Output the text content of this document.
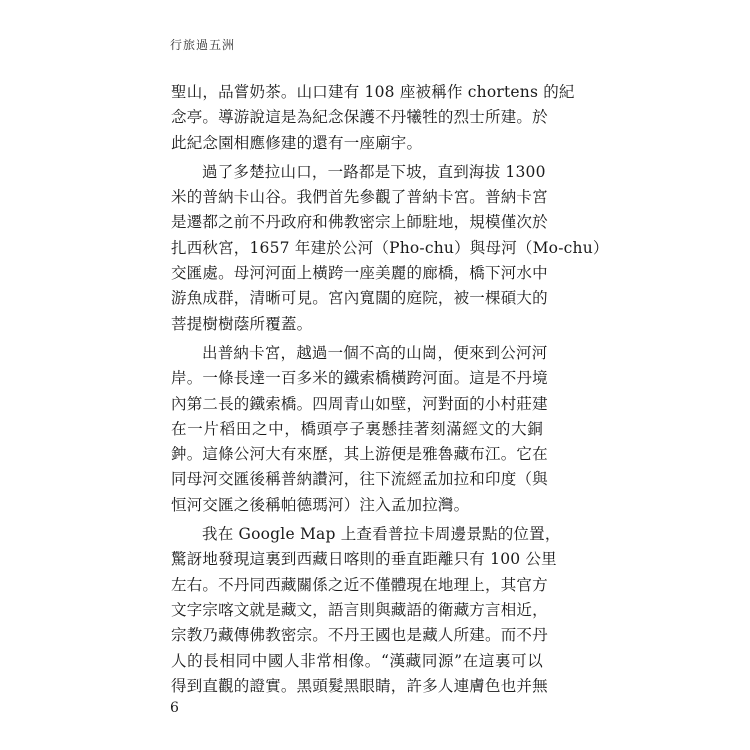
行旅過五洲
聖山，品嘗奶茶。山口建有 108 座被稱作 chortens 的紀
念亭。導游說這是為紀念保護不丹犧牲的烈士所建。於
此紀念園相應修建的還有一座廟宇。
過了多楚拉山口，一路都是下坡，直到海拔 1300
米的普納卡山谷。我們首先參觀了普納卡宮。普納卡宮
是遷都之前不丹政府和佛教密宗上師駐地，規模僅次於
扎西秋宮，1657 年建於公河（Pho-chu）與母河（Mo-chu）
交匯處。母河河面上橫跨一座美麗的廊橋，橋下河水中
游魚成群，清晰可見。宮內寬闊的庭院，被一棵碩大的
菩提樹樹蔭所覆蓋。
出普納卡宮，越過一個不高的山崗，便來到公河河
岸。一條長達一百多米的鐵索橋橫跨河面。這是不丹境
內第二長的鐵索橋。四周青山如壁，河對面的小村莊建
在一片稻田之中，橋頭亭子裏懸挂著刻滿經文的大銅
鈡。這條公河大有來歷，其上游便是雅魯藏布江。它在
同母河交匯後稱普納讚河，往下流經孟加拉和印度（與
恒河交匯之後稱帕德瑪河）注入孟加拉灣。
我在 Google Map 上查看普拉卡周邊景點的位置，
驚訝地發現這裏到西藏日喀則的垂直距離只有 100 公里
左右。不丹同西藏關係之近不僅體現在地理上，其官方
文字宗喀文就是藏文，語言則與藏語的衛藏方言相近，
宗教乃藏傳佛教密宗。不丹王國也是藏人所建。而不丹
人的長相同中國人非常相像。“漢藏同源”在這裏可以
得到直觀的證實。黑頭髮黑眼睛，許多人連膚色也并無
6
